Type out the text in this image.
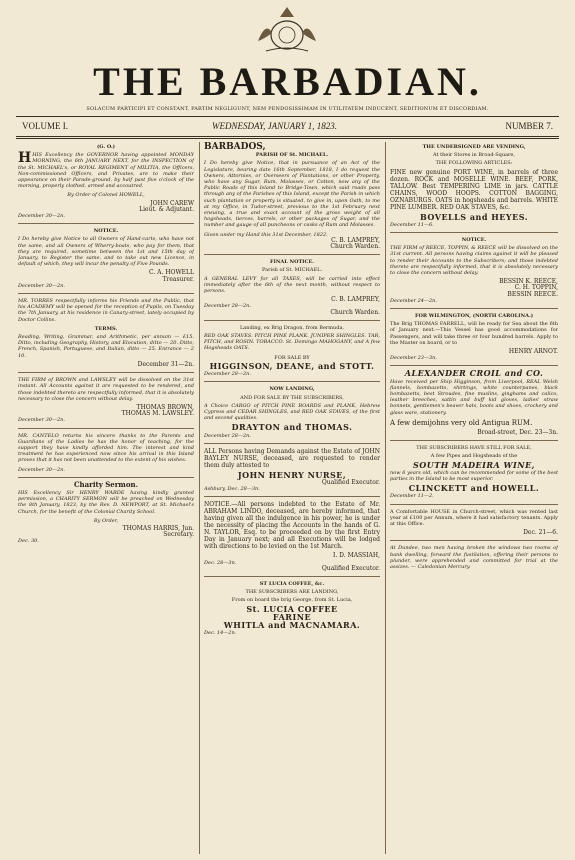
THE BARBADIAN.
SOLACUM PARTICIPI ET CONSTANT, PARTIM NEGLIGUNT, NEM PENDOSISSIMAM IN UTILITATEM INDUCENT, SEDITIONUM ET DISCORDIAM.
VOLUME I.	WEDNESDAY, JANUARY 1, 1823.	NUMBER 7.
(G. O.)

HHIS Excellency the GOVERNOR having appointed MONDAY MORNING, the 6th JANUARY NEXT, for the INSPECTION of the St. MICHAEL's, or ROYAL REGIMENT of MILITIA, the Officers, Non-commissioned Officers, and Privates, are to make their appearance on their Parade-ground, by half past five o'clock of the morning, properly clothed, armed and accoutred.

By Order of Colonel HOWELL,
JOHN CAREW
Lieut. & Adjutant.
December 30—2n.
NOTICE.

I Do hereby give Notice to all Owners of Hand-carts, who have not the same, and all Owners of Wherry-boats, who pay for them, that they are required, sometime between the 1st and 15th day of January, to Register the same, and to take out new Licence, in default of which, they will incur the penalty of Five Pounds.

C. A. HOWELL
Treasurer.
December 30—2n.

MR. TORRES respectfully informs his Friends and the Public, that his ACADEMY will be opened for the reception of Pupils, on Tuesday the 7th January, at his residence in Canary-street, lately occupied by Doctor Collins.

TERMS.

Reading, Writing, Grammar, and Arithmetic, per annum — £15. Ditto, including Geography, History, and Elocution, ditto — 20. Ditto, French, Spanish, Portuguese, and Italian, ditto — 25. Entrance — 2 10.

December 31—2n.

THE FIRM of BROWN and LAWSLEY will be dissolved on the 31st instant. All Accounts against it are requested to be rendered, and those indebted thereto are respectfully informed, that it is absolutely necessary to close the concern without delay.

THOMAS BROWN,
THOMAS M. LAWSLEY.
December 30—2n.

MR. CANTELO returns his sincere thanks to the Parents and Guardians of the Ladies he has the honor of teaching, for the support they have kindly afforded him. The interest and kind treatment he has experienced now since his arrival in this Island proves that it has not been unattended to the extent of his wishes.

December 30—2n.
Charity Sermon.

HIS Excellency Sir HENRY WARDE having kindly granted permission, a CHARITY SERMON will be preached on Wednesday the 8th January, 1823, by the Rev. D. NEWPORT, at St. Michael's Church, for the benefit of the Colonial Charity School.

By Order,
THOMAS HARRIS, Jun.
Secretary.
Dec. 30.
BARBADOS,
PARISH OF St. MICHAEL.

I Do hereby give Notice, that in pursuance of an Act of the Legislature, bearing date 16th September, 1818, I do request the Owners, Attornies, or Overseers of Plantations, or other Property, who have any Sugar, Rum, Molasses, or Cotton, now any of the Public Roads of this Island to Bridge-Town, which said roads pass through any of the Parishes of this Island, except the Parish in which such plantation or property is situated, to give in, upon Oath, to me at my Office, in Tudor-street, previous to the 1st February next ensuing, a true and exact account of the gross weight of all hogsheads, tierces, barrels, or other packages of Sugar, and the number and gauge of all puncheons or casks of Rum and Molasses.

Given under my Hand this 31st December, 1822.
C. B. LAMPREY,
Church Warden.
FINAL NOTICE.
Parish of St. MICHAEL.

A GENERAL LEVY for all TAXES, will be carried into effect immediately after the 6th of the next month, without respect to persons.

C. B. LAMPREY,
December 28—2n.
Church Warden.
Landing, ex Brig Dragon, from Bermuda,

RED OAK STAVES. PITCH PINE PLANK. JUNIPER SHINGLES. TAR, PITCH, and ROSIN. TOBACCO. St. Domingo MAHOGANY, and A few Hogsheads OATS.

FOR SALE BY
HIGGINSON, DEANE, and STOTT.
December 28—2n.
NOW LANDING,
AND FOR SALE BY THE SUBSCRIBERS,

A Choice CARGO of PITCH PINE BOARDS and PLANK, Hebrew Cypress and CEDAR SHINGLES, and RED OAK STAVES, of the first and second qualities.

DRAYTON and THOMAS.
December 28—2n.

ALL Persons having Demands against the Estate of JOHN BAYLEY NURSE, deceased, are requested to render them duly attested to

JOHN HENRY NURSE,
Qualified Executor.
Ashbury, Dec. 28—3n.

NOTICE.—All persons indebted to the Estate of Mr. ABRAHAM LINDO, deceased, are hereby informed, that having given all the indulgence in his power, he is under the necessity of placing the Accounts in the hands of G. N. TAYLOR, Esq. to be proceeded on by the first Entry Day in January next; and all Executions will be lodged with directions to be levied on the 1st March.

I. D. MASSIAH,
Dec. 28—3n.
Qualified Executor.
ST LUCIA COFFEE, &c.
THE SUBSCRIBERS ARE LANDING,
From on board the brig George, from St. Lucia,
St. LUCIA COFFEE
FARINE
WHITLA and MACNAMARA.
Dec. 14—2n.
THE UNDERSIGNED ARE VENDING,
At their Stores in Broad-Square,
THE FOLLOWING ARTICLES:

FINE new genuine PORT WINE, in barrels of three dozen. ROCK and MOSELLE WINE. BEEF, PORK, TALLOW. Best TEMPERING LIME in jars. CATTLE CHAINS, WOOD HOOPS. COTTON BAGGING, OZNABURGS. OATS in hogsheads and barrels. WHITE PINE LUMBER. RED OAK STAVES, &c.

BOVELLS and HEYES.
December 11—6.
NOTICE.

THE FIRM of REECE, TOPPIN, & REECE will be dissolved on the 31st current. All persons having claims against it will be pleased to render their Accounts to the Subscribers; and those indebted thereto are respectfully informed, that it is absolutely necessary to close the concern without delay.

BESSIN K. REECE,
C. H. TOPPIN,
BESSIN REECE.
December 24—2n.
FOR WILMINGTON, (NORTH CAROLINA.)

The Brig THOMAS FARRELL, will be ready for Sea about the 6th of January next.—This Vessel has good accommodations for Passengers, and will take three or four hundred barrels. Apply to the Master on board, or to

HENRY ARNOT.
December 23—3n.
ALEXANDER CROIL and CO.

Have received per Ship Higginson, from Liverpool, REAL Welsh flannels, bombazetts, shirtings, white counterpanes, black bombazetts, best Stroudes, fine muslins, ginghams and calico, leather breeches, sattin and buff kid gloves, ladies' straw bonnets, gentlemen's beaver hats, boots and shoes, crockery and glass ware, stationery.

A few demijohns very old Antigua RUM.

Broad-street, Dec. 23—3n.
THE SUBSCRIBERS HAVE STILL FOR SALE,
A few Pipes and Hogsheads of the
SOUTH MADEIRA WINE,

now 6 years old, which can be recommended for some of the best parties in the Island to be most superior.

CLINCKETT and HOWELL.
December 11—2.

A Comfortable HOUSE in Church-street, which was rented last year at £100 per Annum, where it had satisfactory tenants. Apply at this Office.

Dec. 21—6.

At Dundee, two men having broken the windows two rooms of bank dwelling, forward the fustilation, offering their persons to plunder, were apprehended and committed for trial at the assizes. — Caledonian Mercury.
